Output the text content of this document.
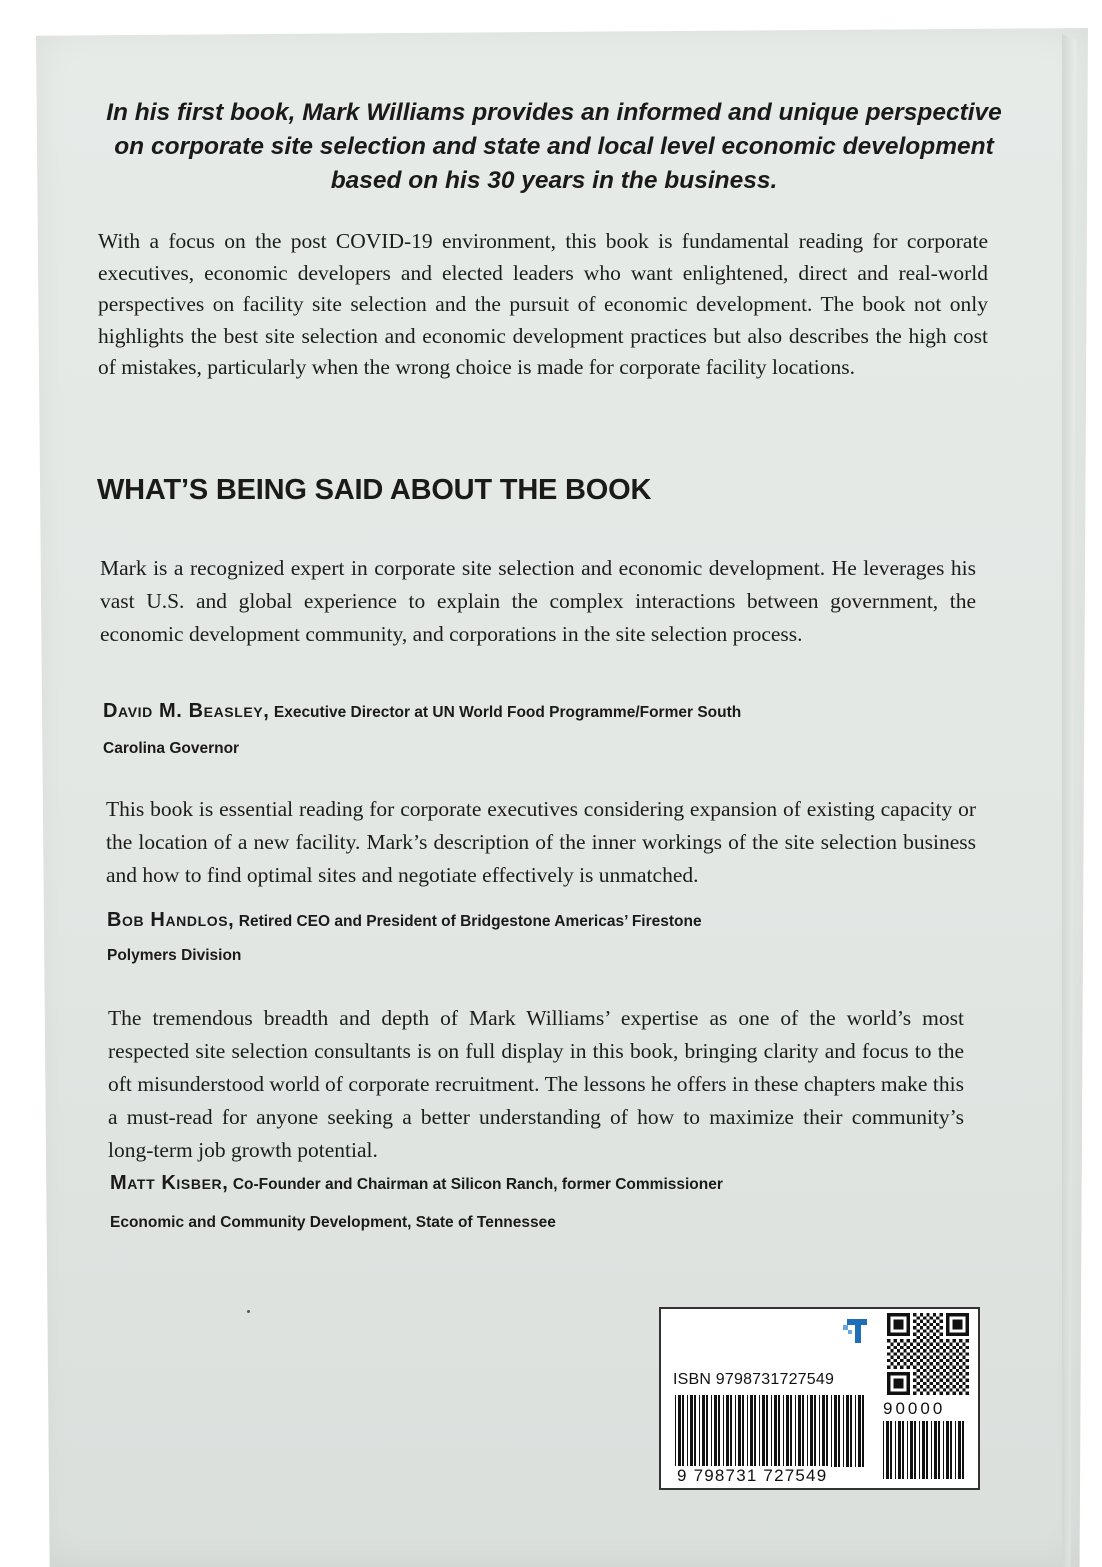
In his first book, Mark Williams provides an informed and unique perspective on corporate site selection and state and local level economic development based on his 30 years in the business.

With a focus on the post COVID-19 environment, this book is fundamental reading for corporate executives, economic developers and elected leaders who want enlightened, direct and real-world perspectives on facility site selection and the pursuit of economic development. The book not only highlights the best site selection and economic development practices but also describes the high cost of mistakes, particularly when the wrong choice is made for corporate facility locations.

WHAT’S BEING SAID ABOUT THE BOOK

Mark is a recognized expert in corporate site selection and economic development. He leverages his vast U.S. and global experience to explain the complex interactions between government, the economic development community, and corporations in the site selection process.

David M. Beasley, Executive Director at UN World Food Programme/Former South

Carolina Governor

This book is essential reading for corporate executives considering expansion of existing capacity or the location of a new facility. Mark’s description of the inner workings of the site selection business and how to find optimal sites and negotiate effectively is unmatched.

Bob Handlos, Retired CEO and President of Bridgestone Americas’ Firestone

Polymers Division

The tremendous breadth and depth of Mark Williams’ expertise as one of the world’s most respected site selection consultants is on full display in this book, bringing clarity and focus to the oft misunderstood world of corporate recruitment. The lessons he offers in these chapters make this a must-read for anyone seeking a better understanding of how to maximize their community’s long-term job growth potential.

Matt Kisber, Co-Founder and Chairman at Silicon Ranch, former Commissioner

Economic and Community Development, State of Tennessee

ISBN 9798731727549
90000
9 798731 727549
